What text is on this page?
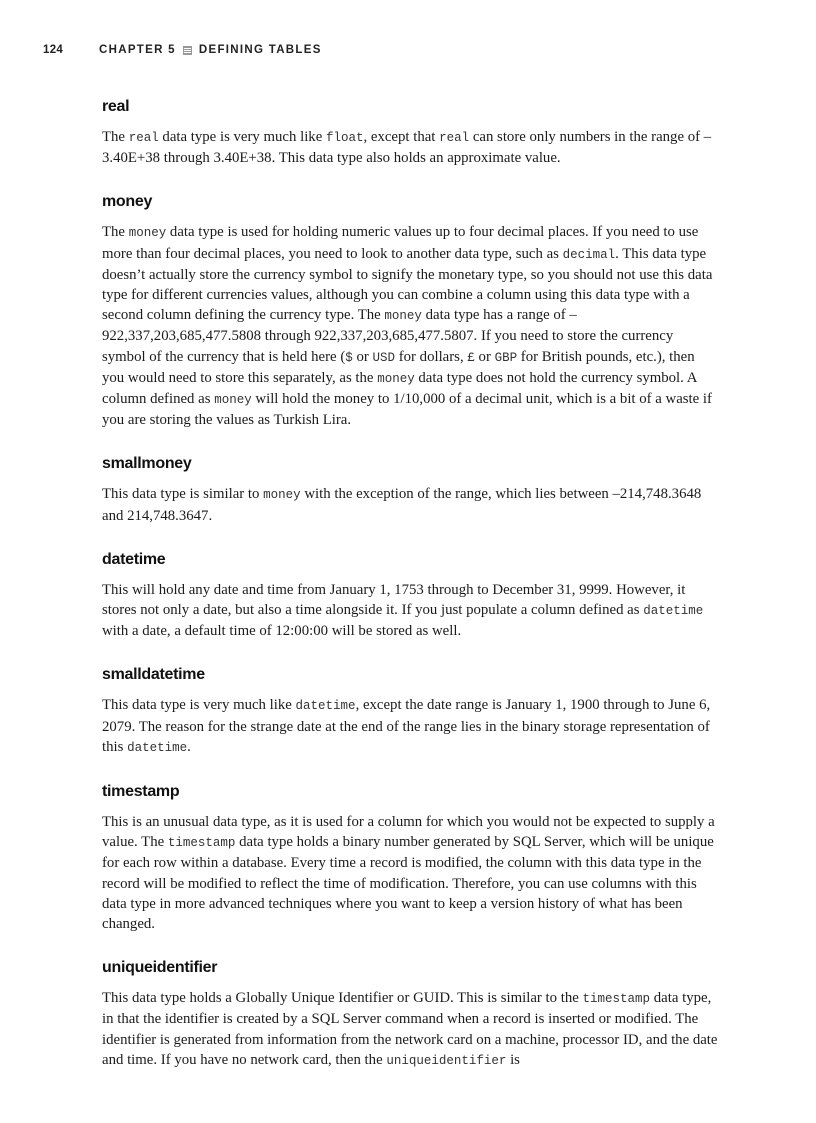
124	CHAPTER 5 DEFINING TABLES
real

The real data type is very much like float, except that real can store only numbers in the range of –3.40E+38 through 3.40E+38. This data type also holds an approximate value.

money

The money data type is used for holding numeric values up to four decimal places. If you need to use more than four decimal places, you need to look to another data type, such as decimal. This data type doesn’t actually store the currency symbol to signify the monetary type, so you should not use this data type for different currencies values, although you can combine a column using this data type with a second column defining the currency type. The money data type has a range of –922,337,203,685,477.5808 through 922,337,203,685,477.5807. If you need to store the currency symbol of the currency that is held here ($ or USD for dollars, £ or GBP for British pounds, etc.), then you would need to store this separately, as the money data type does not hold the currency symbol. A column defined as money will hold the money to 1/10,000 of a decimal unit, which is a bit of a waste if you are storing the values as Turkish Lira.

smallmoney

This data type is similar to money with the exception of the range, which lies between –214,748.3648 and 214,748.3647.

datetime

This will hold any date and time from January 1, 1753 through to December 31, 9999. However, it stores not only a date, but also a time alongside it. If you just populate a column defined as datetime with a date, a default time of 12:00:00 will be stored as well.

smalldatetime

This data type is very much like datetime, except the date range is January 1, 1900 through to June 6, 2079. The reason for the strange date at the end of the range lies in the binary storage representation of this datetime.

timestamp

This is an unusual data type, as it is used for a column for which you would not be expected to supply a value. The timestamp data type holds a binary number generated by SQL Server, which will be unique for each row within a database. Every time a record is modified, the column with this data type in the record will be modified to reflect the time of modification. Therefore, you can use columns with this data type in more advanced techniques where you want to keep a version history of what has been changed.

uniqueidentifier

This data type holds a Globally Unique Identifier or GUID. This is similar to the timestamp data type, in that the identifier is created by a SQL Server command when a record is inserted or modified. The identifier is generated from information from the network card on a machine, processor ID, and the date and time. If you have no network card, then the uniqueidentifier is
